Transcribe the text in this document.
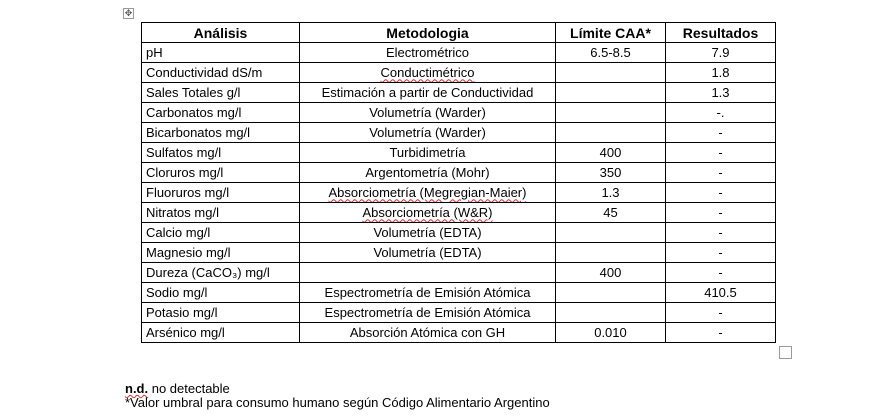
✥
Análisis	Metodologia	Límite CAA*	Resultados
pH	Electrométrico	6.5-8.5	7.9
Conductividad dS/m	Conductimétrico		1.8
Sales Totales g/l	Estimación a partir de Conductividad		1.3
Carbonatos mg/l	Volumetría (Warder)		-.
Bicarbonatos mg/l	Volumetría (Warder)		-
Sulfatos mg/l	Turbidimetría	400	-
Cloruros mg/l	Argentometría (Mohr)	350	-
Fluoruros mg/l	Absorciometría (Megregian-Maier)	1.3	-
Nitratos mg/l	Absorciometría (W&R)	45	-
Calcio mg/l	Volumetría (EDTA)		-
Magnesio mg/l	Volumetría (EDTA)		-
Dureza (CaCO₃) mg/l		400	-
Sodio mg/l	Espectrometría de Emisión Atómica		410.5
Potasio mg/l	Espectrometría de Emisión Atómica		-
Arsénico mg/l	Absorción Atómica con GH	0.010	-
n.d. no detectable
*Valor umbral para consumo humano según Código Alimentario Argentino
